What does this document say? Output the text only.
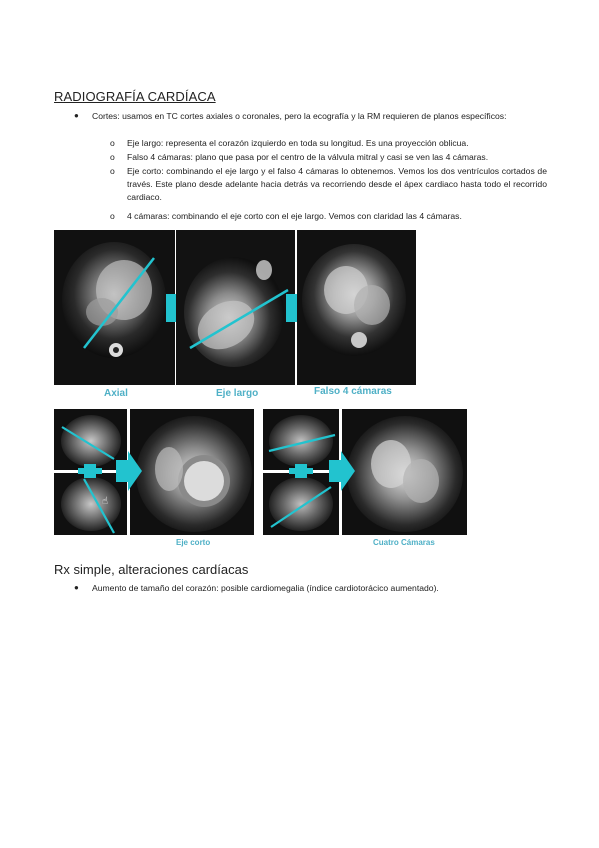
RADIOGRAFÍA CARDÍACA
● Cortes: usamos en TC cortes axiales o coronales, pero la ecografía y la RM requieren de planos específicos:
o Eje largo: representa el corazón izquierdo en toda su longitud. Es una proyección oblicua.
o Falso 4 cámaras: plano que pasa por el centro de la válvula mitral y casi se ven las 4 cámaras.
o Eje corto: combinando el eje largo y el falso 4 cámaras lo obtenemos. Vemos los dos ventrículos cortados de través. Este plano desde adelante hacia detrás va recorriendo desde el ápex cardiaco hasta todo el recorrido cardiaco.
o 4 cámaras: combinando el eje corto con el eje largo. Vemos con claridad las 4 cámaras.
Axial	Eje largo	Falso 4 cámaras
☝
Eje corto	Cuatro Cámaras
Rx simple, alteraciones cardíacas
● Aumento de tamaño del corazón: posible cardiomegalia (índice cardiotorácico aumentado).
